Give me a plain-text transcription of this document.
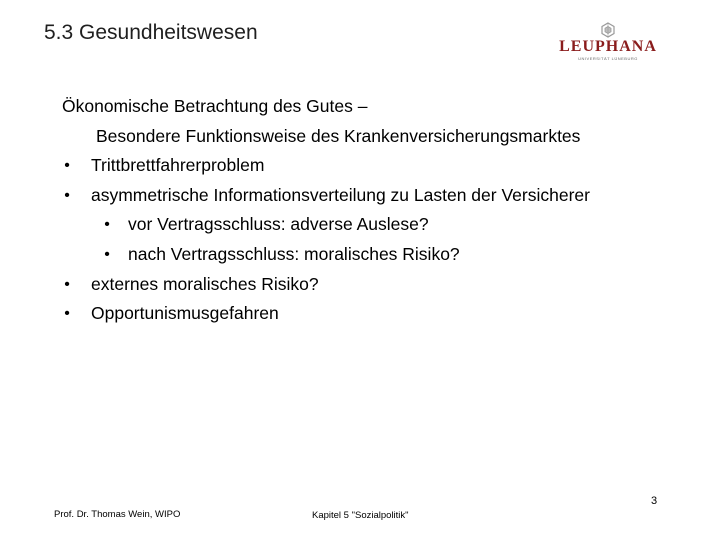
5.3 Gesundheitswesen
LEUPHANA
UNIVERSITÄT LÜNEBURG
Ökonomische Betrachtung des Gutes –
Besondere Funktionsweise des Krankenversicherungsmarktes
• Trittbrettfahrerproblem
• asymmetrische Informationsverteilung zu Lasten der Versicherer
• vor Vertragsschluss: adverse Auslese?
• nach Vertragsschluss: moralisches Risiko?
• externes moralisches Risiko?
• Opportunismusgefahren
3
Prof. Dr. Thomas Wein, WIPO	Kapitel 5 "Sozialpolitik"
